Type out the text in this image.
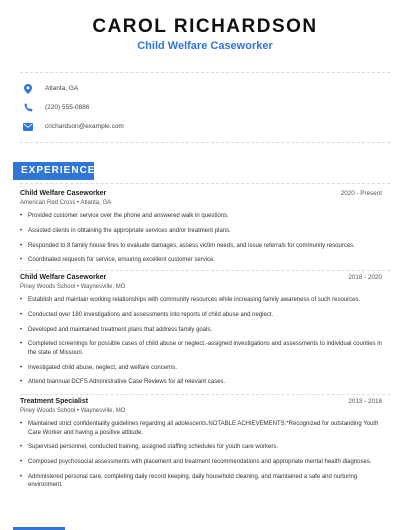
CAROL RICHARDSON
Child Welfare Caseworker
Atlanta, GA
(220) 555-0886
crichardson@example.com
EXPERIENCE
Child Welfare Caseworker	2020 - Present
American Red Cross • Atlanta, GA
• Provided customer service over the phone and answered walk in questions.
• Assisted clients in obtaining the appropriate services and/or treatment plans.
• Responded to 8 family house fires to evaluate damages, assess victim needs, and issue referrals for community resources.
• Coordinated requests for service, ensuring excellent customer service.
Child Welfare Caseworker	2018 - 2020
Piney Woods School • Waynesville, MO
• Establish and maintain working relationships with community resources while increasing family awareness of such resources.
• Conducted over 180 investigations and assessments into reports of child abuse and neglect.
• Developed and maintained treatment plans that address family goals.
• Completed screenings for possible cases of child abuse or neglect.-assigned investigations and assessments to individual counties in the state of Missouri.
• Investigated child abuse, neglect, and welfare concerns.
• Attend biannual DCFS Administrative Case Reviews for all relevant cases.
Treatment Specialist	2013 - 2018
Piney Woods School • Waynesville, MO
• Maintained strict confidentiality guidelines regarding all adolescents.NOTABLE ACHIEVEMENTS:*Recognized for outstanding Youth Care Worker and having a positive attitude.
• Supervised personnel, conducted training, assigned staffing schedules for youth care workers.
• Composed psychosocial assessments with placement and treatment recommendations and appropriate mental health diagnoses.
• Administered personal care, completing daily record keeping, daily household cleaning, and maintained a safe and nurturing environment.
